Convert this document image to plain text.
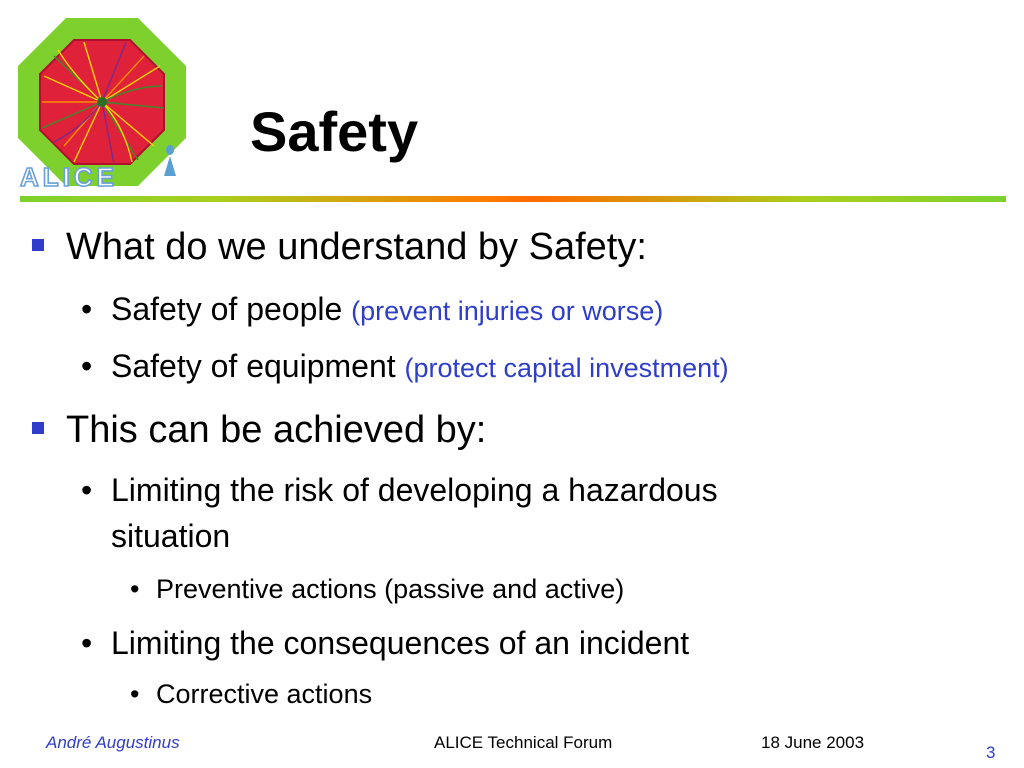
ALICE
Safety
What do we understand by Safety:
• Safety of people (prevent injuries or worse)
• Safety of equipment (protect capital investment)
This can be achieved by:
• Limiting the risk of developing a hazardous
situation
• Preventive actions (passive and active)
• Limiting the consequences of an incident
• Corrective actions
André Augustinus	ALICE Technical Forum	18 June 2003
3
